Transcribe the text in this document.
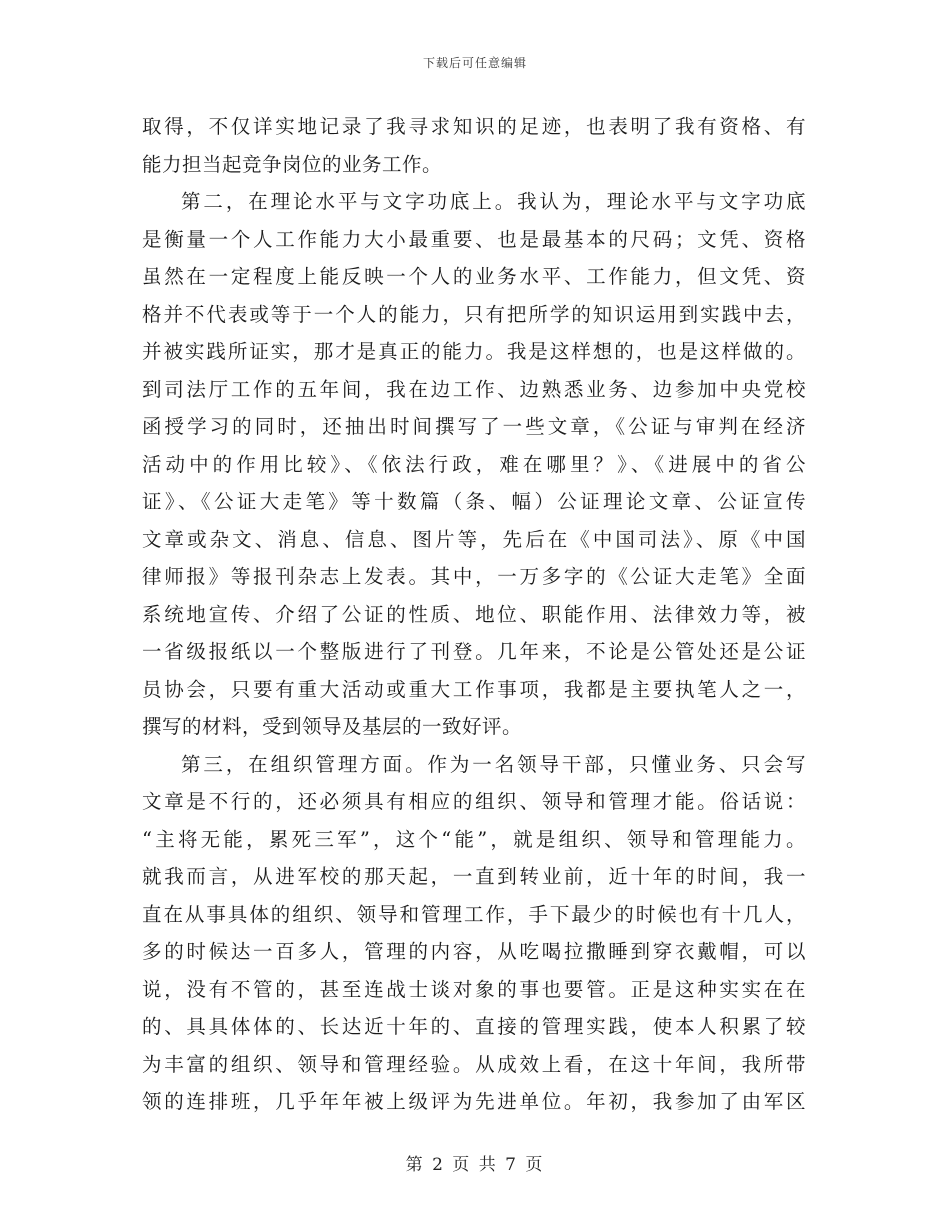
下载后可任意编辑
取得，不仅详实地记录了我寻求知识的足迹，也表明了我有资格、有
能力担当起竞争岗位的业务工作。
第二，在理论水平与文字功底上。我认为，理论水平与文字功底
是衡量一个人工作能力大小最重要、也是最基本的尺码；文凭、资格
虽然在一定程度上能反映一个人的业务水平、工作能力，但文凭、资
格并不代表或等于一个人的能力，只有把所学的知识运用到实践中去，
并被实践所证实，那才是真正的能力。我是这样想的，也是这样做的。
到司法厅工作的五年间，我在边工作、边熟悉业务、边参加中央党校
函授学习的同时，还抽出时间撰写了一些文章，《公证与审判在经济
活动中的作用比较》、《依法行政，难在哪里？》、《进展中的省公
证》、《公证大走笔》等十数篇（条、幅）公证理论文章、公证宣传
文章或杂文、消息、信息、图片等，先后在《中国司法》、原《中国
律师报》等报刊杂志上发表。其中，一万多字的《公证大走笔》全面
系统地宣传、介绍了公证的性质、地位、职能作用、法律效力等，被
一省级报纸以一个整版进行了刊登。几年来，不论是公管处还是公证
员协会，只要有重大活动或重大工作事项，我都是主要执笔人之一，
撰写的材料，受到领导及基层的一致好评。
第三，在组织管理方面。作为一名领导干部，只懂业务、只会写
文章是不行的，还必须具有相应的组织、领导和管理才能。俗话说：
“主将无能，累死三军”，这个“能”，就是组织、领导和管理能力。
就我而言，从进军校的那天起，一直到转业前，近十年的时间，我一
直在从事具体的组织、领导和管理工作，手下最少的时候也有十几人，
多的时候达一百多人，管理的内容，从吃喝拉撒睡到穿衣戴帽，可以
说，没有不管的，甚至连战士谈对象的事也要管。正是这种实实在在
的、具具体体的、长达近十年的、直接的管理实践，使本人积累了较
为丰富的组织、领导和管理经验。从成效上看，在这十年间，我所带
领的连排班，几乎年年被上级评为先进单位。年初，我参加了由军区
第 2 页 共 7 页
